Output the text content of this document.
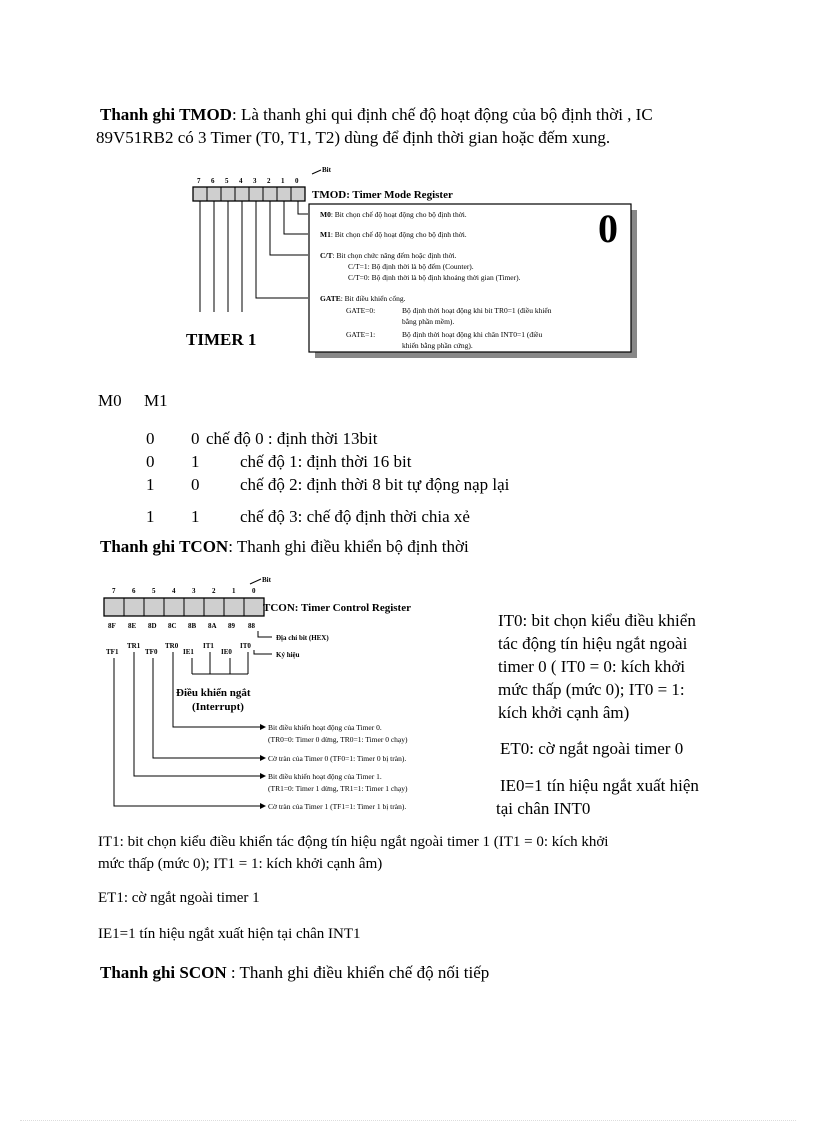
Thanh ghi TMOD: Là thanh ghi qui định chế độ hoạt động của bộ định thời , IC
89V51RB2 có 3 Timer (T0, T1, T2) dùng để định thời gian hoặc đếm xung.
Bit
7 6 5 4 3 2 1 0
TMOD: Timer Mode Register
TIMER 1
0
M0: Bit chọn chế độ hoạt động cho bộ định thời.
M1: Bit chọn chế độ hoạt động cho bộ định thời.
C/T: Bit chọn chức năng đếm hoặc định thời.
C/T=1: Bộ định thời là bộ đếm (Counter).
C/T=0: Bộ định thời là bộ định khoảng thời gian (Timer).
GATE: Bit điều khiển cổng.
GATE=0:	Bộ định thời hoạt động khi bit TR0=1 (điều khiển
bằng phần mềm).
GATE=1:	Bộ định thời hoạt động khi chân INT0=1 (điều
khiển bằng phần cứng).
M0 M1
0 0 chế độ 0 : định thời 13bit
0 1 chế độ 1: định thời 16 bit
1 0 chế độ 2: định thời 8 bit tự động nạp lại
1 1 chế độ 3: chế độ định thời chia xẻ
Thanh ghi TCON: Thanh ghi điều khiển bộ định thời
Bit
7 6 5 4 3 2 1 0
TCON: Timer Control Register
8F 8E 8D 8C 8B 8A 89 88
Địa chỉ bit (HEX)
TF1
TR1
TF0
TR0
IE1
IT1
IE0
IT0
Ký hiệu
Điều khiển ngắt
(Interrupt)
Bit điều khiển hoạt động của Timer 0.
(TR0=0: Timer 0 dừng, TR0=1: Timer 0 chạy)
Cờ tràn của Timer 0 (TF0=1: Timer 0 bị tràn).
Bit điều khiển hoạt động của Timer 1.
(TR1=0: Timer 1 dừng, TR1=1: Timer 1 chạy)
Cờ tràn của Timer 1 (TF1=1: Timer 1 bị tràn).
IT0: bit chọn kiểu điều khiển
tác động tín hiệu ngắt ngoài
timer 0 ( IT0 = 0: kích khởi
mức thấp (mức 0); IT0 = 1:
kích khởi cạnh âm)
ET0: cờ ngắt ngoài timer 0
IE0=1 tín hiệu ngắt xuất hiện
tại chân INT0
IT1: bit chọn kiểu điều khiển tác động tín hiệu ngắt ngoài timer 1 (IT1 = 0: kích khởi
mức thấp (mức 0); IT1 = 1: kích khởi cạnh âm)
ET1: cờ ngắt ngoài timer 1
IE1=1 tín hiệu ngắt xuất hiện tại chân INT1
Thanh ghi SCON : Thanh ghi điều khiển chế độ nối tiếp
